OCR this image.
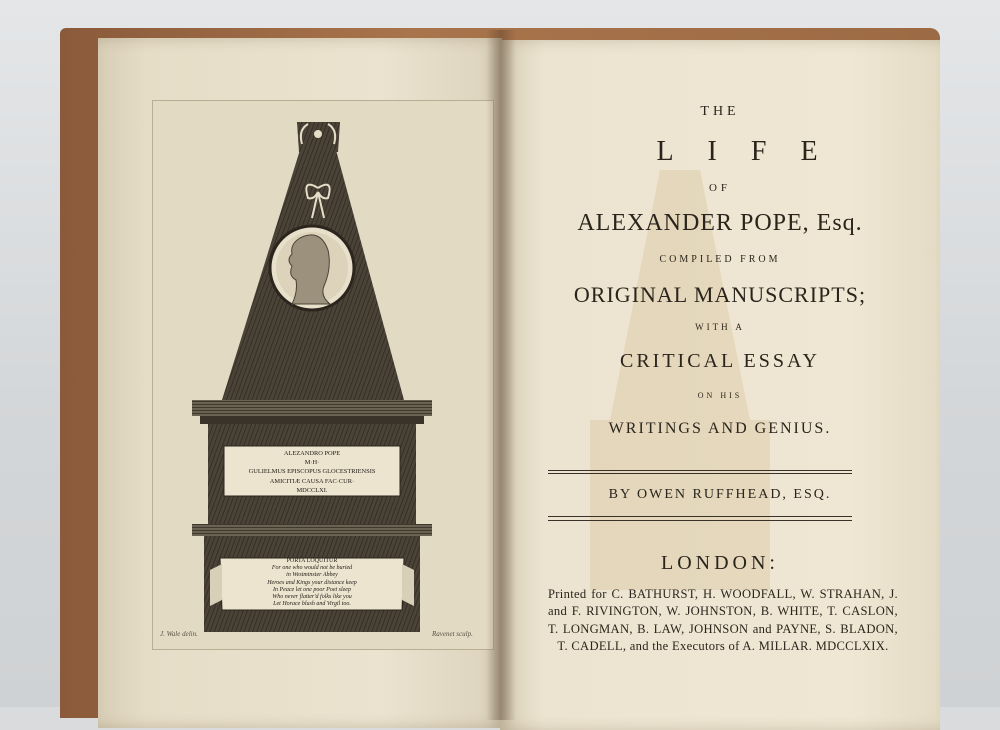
ALEZANDRO POPE
M·H·
GULIELMUS EPISCOPUS GLOCESTRIENSIS
AMICITIÆ CAUSA FAC·CUR·
MDCCLXI.
PORTA LOQUITUR
For one who would not be buried
in Westminster Abbey
Heroes and Kings your distance keep
In Peace let one poor Poet sleep
Who never flatter'd folks like you
Let Horace blush and Virgil too.
J. Wale delin.	Ravenet sculp.
THE
LIFE
OF
ALEXANDER POPE, Esq.
COMPILED FROM
ORIGINAL MANUSCRIPTS;
WITH A
CRITICAL ESSAY
ON HIS
WRITINGS AND GENIUS.
BY OWEN RUFFHEAD, ESQ.
LONDON:
Printed for C. BATHURST, H. WOODFALL, W. STRAHAN, J. and F. RIVINGTON, W. JOHNSTON, B. WHITE, T. CASLON, T. LONGMAN, B. LAW, JOHNSON and PAYNE, S. BLADON, T. CADELL, and the Executors of A. MILLAR. MDCCLXIX.
